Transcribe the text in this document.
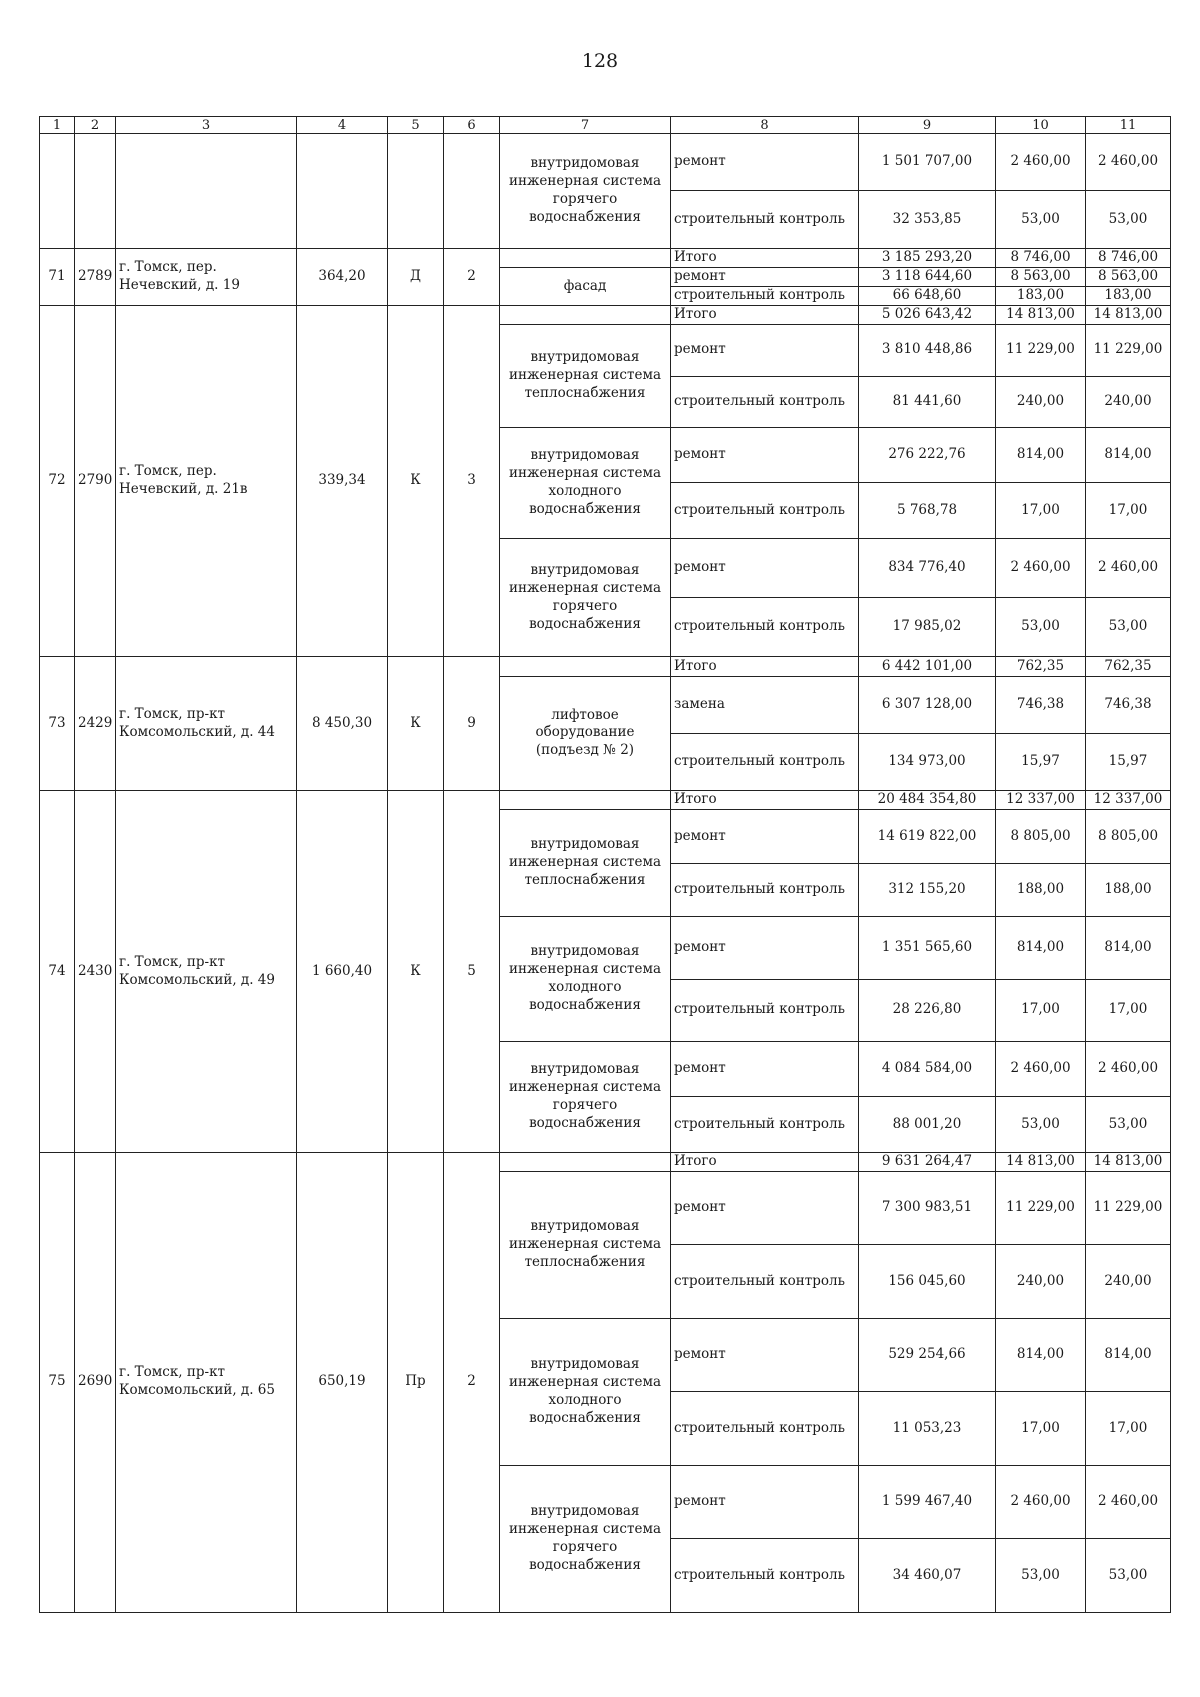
128
1	2	3	4	5	6	7	8	9	10	11
						внутридомовая инженерная система горячего водоснабжения	ремонт	1 501 707,00	2 460,00	2 460,00
							строительный контроль	32 353,85	53,00	53,00
71	2789	г. Томск, пер. Нечевский, д. 19	364,20	Д	2		Итого	3 185 293,20	8 746,00	8 746,00
						фасад	ремонт	3 118 644,60	8 563,00	8 563,00
							строительный контроль	66 648,60	183,00	183,00
72	2790	г. Томск, пер. Нечевский, д. 21в	339,34	К	3		Итого	5 026 643,42	14 813,00	14 813,00
						внутридомовая инженерная система теплоснабжения	ремонт	3 810 448,86	11 229,00	11 229,00
							строительный контроль	81 441,60	240,00	240,00
						внутридомовая инженерная система холодного водоснабжения	ремонт	276 222,76	814,00	814,00
							строительный контроль	5 768,78	17,00	17,00
						внутридомовая инженерная система горячего водоснабжения	ремонт	834 776,40	2 460,00	2 460,00
							строительный контроль	17 985,02	53,00	53,00
73	2429	г. Томск, пр-кт Комсомольский, д. 44	8 450,30	К	9		Итого	6 442 101,00	762,35	762,35
						лифтовое оборудование (подъезд № 2)	замена	6 307 128,00	746,38	746,38
							строительный контроль	134 973,00	15,97	15,97
74	2430	г. Томск, пр-кт Комсомольский, д. 49	1 660,40	К	5		Итого	20 484 354,80	12 337,00	12 337,00
						внутридомовая инженерная система теплоснабжения	ремонт	14 619 822,00	8 805,00	8 805,00
							строительный контроль	312 155,20	188,00	188,00
						внутридомовая инженерная система холодного водоснабжения	ремонт	1 351 565,60	814,00	814,00
							строительный контроль	28 226,80	17,00	17,00
						внутридомовая инженерная система горячего водоснабжения	ремонт	4 084 584,00	2 460,00	2 460,00
							строительный контроль	88 001,20	53,00	53,00
75	2690	г. Томск, пр-кт Комсомольский, д. 65	650,19	Пр	2		Итого	9 631 264,47	14 813,00	14 813,00
						внутридомовая инженерная система теплоснабжения	ремонт	7 300 983,51	11 229,00	11 229,00
							строительный контроль	156 045,60	240,00	240,00
						внутридомовая инженерная система холодного водоснабжения	ремонт	529 254,66	814,00	814,00
							строительный контроль	11 053,23	17,00	17,00
						внутридомовая инженерная система горячего водоснабжения	ремонт	1 599 467,40	2 460,00	2 460,00
							строительный контроль	34 460,07	53,00	53,00
